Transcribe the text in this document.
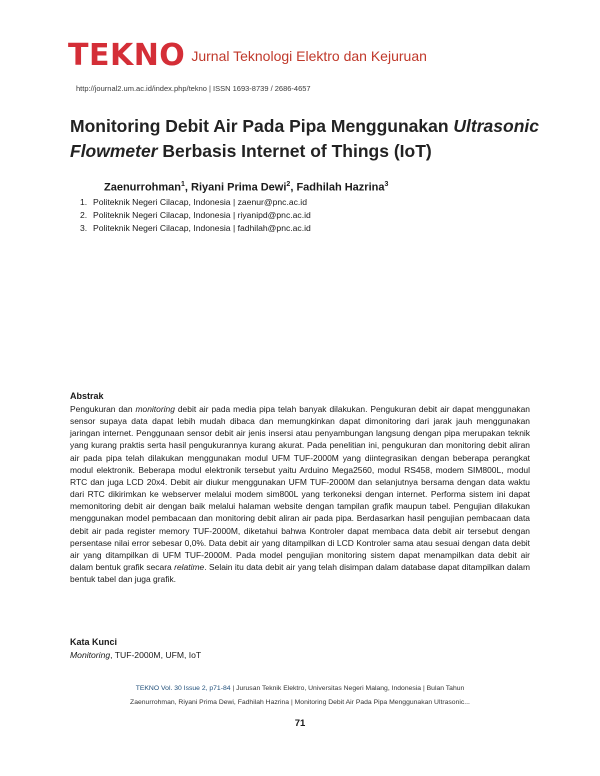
TEKNO Jurnal Teknologi Elektro dan Kejuruan
http://journal2.um.ac.id/index.php/tekno | ISSN 1693-8739 / 2686-4657
Monitoring Debit Air Pada Pipa Menggunakan Ultrasonic Flowmeter Berbasis Internet of Things (IoT)
Zaenurrohman$^1$, Riyani Prima Dewi$^2$, Fadhilah Hazrina$^3$
1. Politeknik Negeri Cilacap, Indonesia | zaenur@pnc.ac.id
2. Politeknik Negeri Cilacap, Indonesia | riyanipd@pnc.ac.id
3. Politeknik Negeri Cilacap, Indonesia | fadhilah@pnc.ac.id
Abstrak
Pengukuran dan monitoring debit air pada media pipa telah banyak dilakukan. Pengukuran debit air dapat menggunakan sensor supaya data dapat lebih mudah dibaca dan memungkinkan dapat dimonitoring dari jarak jauh menggunakan jaringan internet. Penggunaan sensor debit air jenis insersi atau penyambungan langsung dengan pipa merupakan teknik yang kurang praktis serta hasil pengukurannya kurang akurat. Pada penelitian ini, pengukuran dan monitoring debit aliran air pada pipa telah dilakukan menggunakan modul UFM TUF-2000M yang diintegrasikan dengan beberapa perangkat modul elektronik. Beberapa modul elektronik tersebut yaitu Arduino Mega2560, modul RS458, modem SIM800L, modul RTC dan juga LCD 20x4. Debit air diukur menggunakan UFM TUF-2000M dan selanjutnya bersama dengan data waktu dari RTC dikirimkan ke webserver melalui modem sim800L yang terkoneksi dengan internet. Performa sistem ini dapat memonitoring debit air dengan baik melalui halaman website dengan tampilan grafik maupun tabel. Pengujian dilakukan menggunakan model pembacaan dan monitoring debit aliran air pada pipa. Berdasarkan hasil pengujian pembacaan data debit air pada register memory TUF-2000M, diketahui bahwa Kontroler dapat membaca data debit air tersebut dengan persentase nilai error sebesar 0,0%. Data debit air yang ditampilkan di LCD Kontroler sama atau sesuai dengan data debit air yang ditampilkan di UFM TUF-2000M. Pada model pengujian monitoring sistem dapat menampilkan data debit air dalam bentuk grafik secara relatime. Selain itu data debit air yang telah disimpan dalam database dapat ditampilkan dalam bentuk tabel dan juga grafik.
Kata Kunci
Monitoring, TUF-2000M, UFM, IoT
TEKNO Vol. 30 Issue 2, p71-84 | Jurusan Teknik Elektro, Universitas Negeri Malang, Indonesia | Bulan Tahun
Zaenurrohman, Riyani Prima Dewi, Fadhilah Hazrina | Monitoring Debit Air Pada Pipa Menggunakan Ultrasonic...
71
